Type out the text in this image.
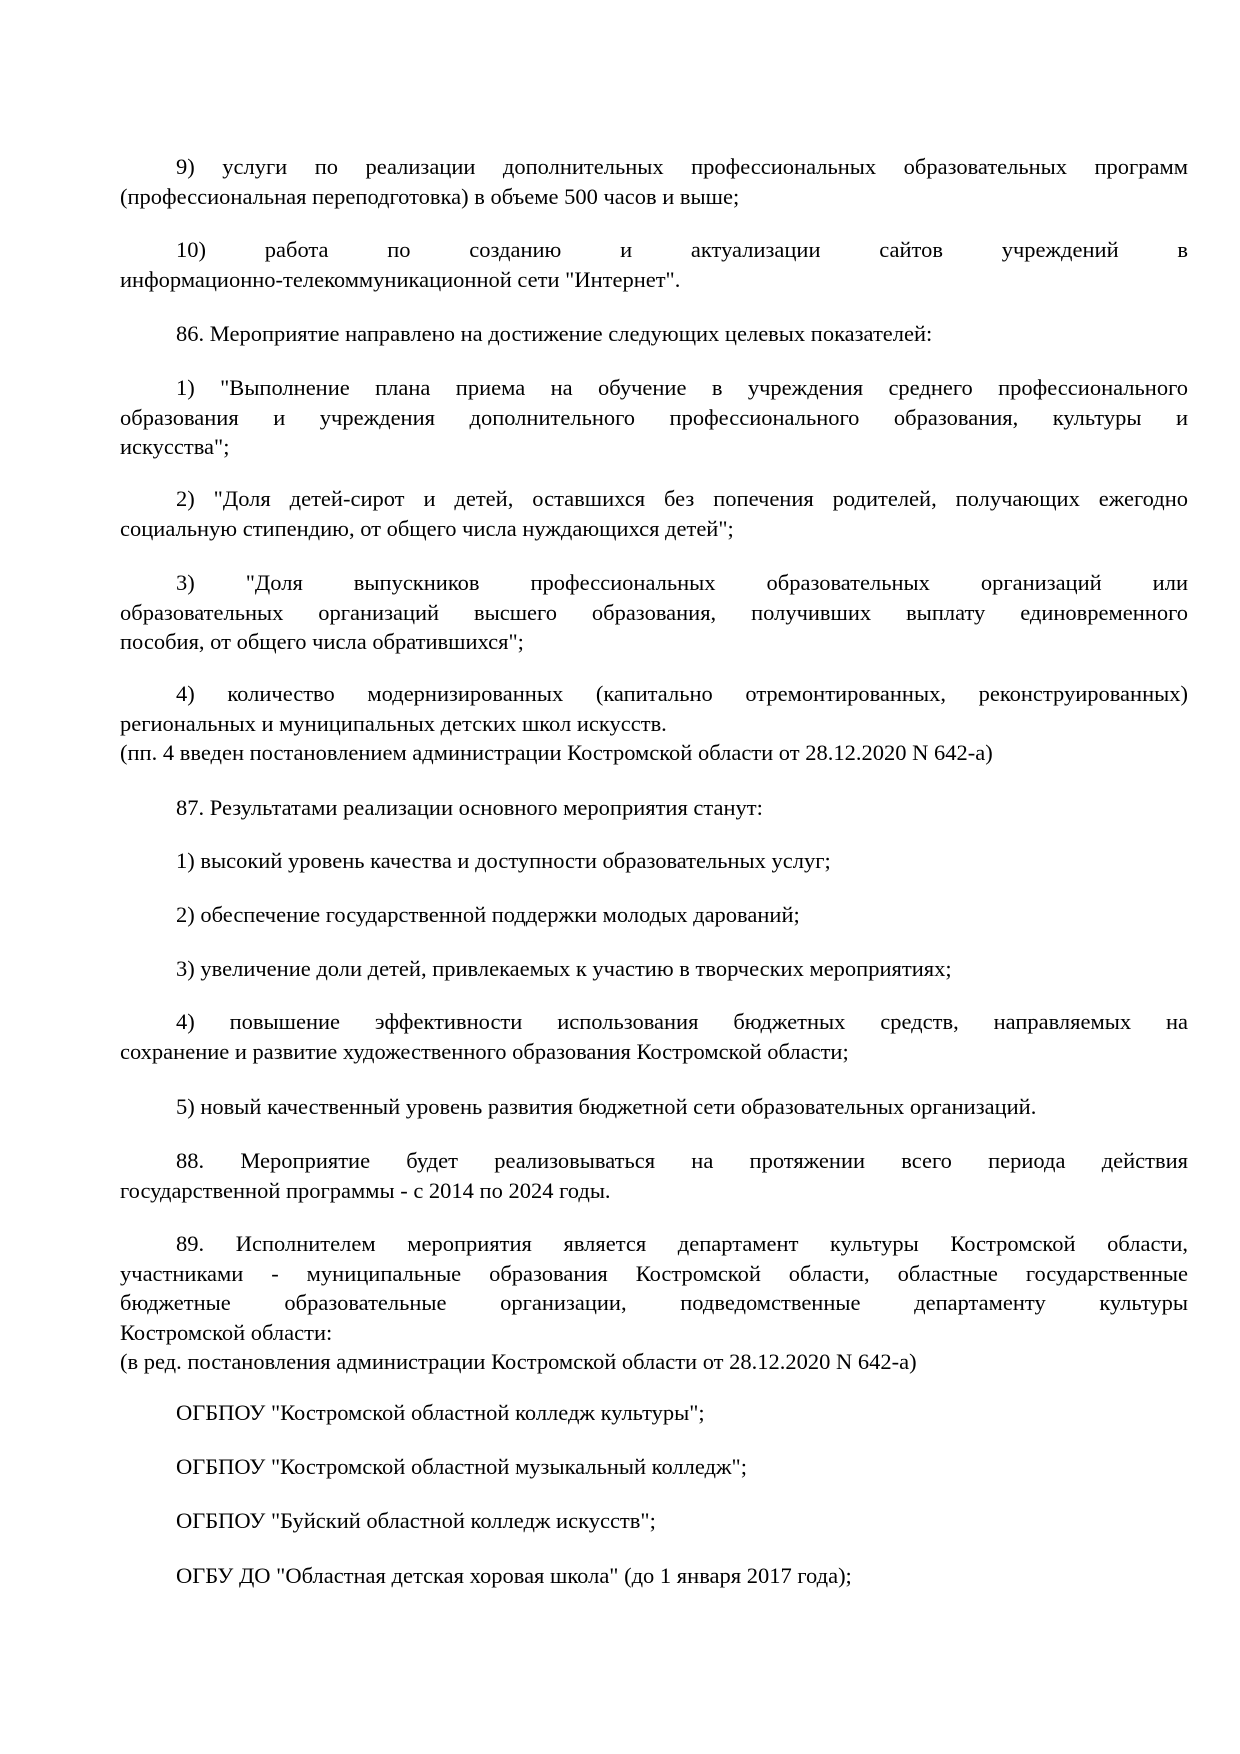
9) услуги по реализации дополнительных профессиональных образовательных программ
(профессиональная переподготовка) в объеме 500 часов и выше;
10) работа по созданию и актуализации сайтов учреждений в
информационно-телекоммуникационной сети "Интернет".
86. Мероприятие направлено на достижение следующих целевых показателей:
1) "Выполнение плана приема на обучение в учреждения среднего профессионального
образования и учреждения дополнительного профессионального образования, культуры и
искусства";
2) "Доля детей-сирот и детей, оставшихся без попечения родителей, получающих ежегодно
социальную стипендию, от общего числа нуждающихся детей";
3) "Доля выпускников профессиональных образовательных организаций или
образовательных организаций высшего образования, получивших выплату единовременного
пособия, от общего числа обратившихся";
4) количество модернизированных (капитально отремонтированных, реконструированных)
региональных и муниципальных детских школ искусств.
(пп. 4 введен постановлением администрации Костромской области от 28.12.2020 N 642-а)
87. Результатами реализации основного мероприятия станут:
1) высокий уровень качества и доступности образовательных услуг;
2) обеспечение государственной поддержки молодых дарований;
3) увеличение доли детей, привлекаемых к участию в творческих мероприятиях;
4) повышение эффективности использования бюджетных средств, направляемых на
сохранение и развитие художественного образования Костромской области;
5) новый качественный уровень развития бюджетной сети образовательных организаций.
88. Мероприятие будет реализовываться на протяжении всего периода действия
государственной программы - с 2014 по 2024 годы.
89. Исполнителем мероприятия является департамент культуры Костромской области,
участниками - муниципальные образования Костромской области, областные государственные
бюджетные образовательные организации, подведомственные департаменту культуры
Костромской области:
(в ред. постановления администрации Костромской области от 28.12.2020 N 642-а)
ОГБПОУ "Костромской областной колледж культуры";
ОГБПОУ "Костромской областной музыкальный колледж";
ОГБПОУ "Буйский областной колледж искусств";
ОГБУ ДО "Областная детская хоровая школа" (до 1 января 2017 года);
